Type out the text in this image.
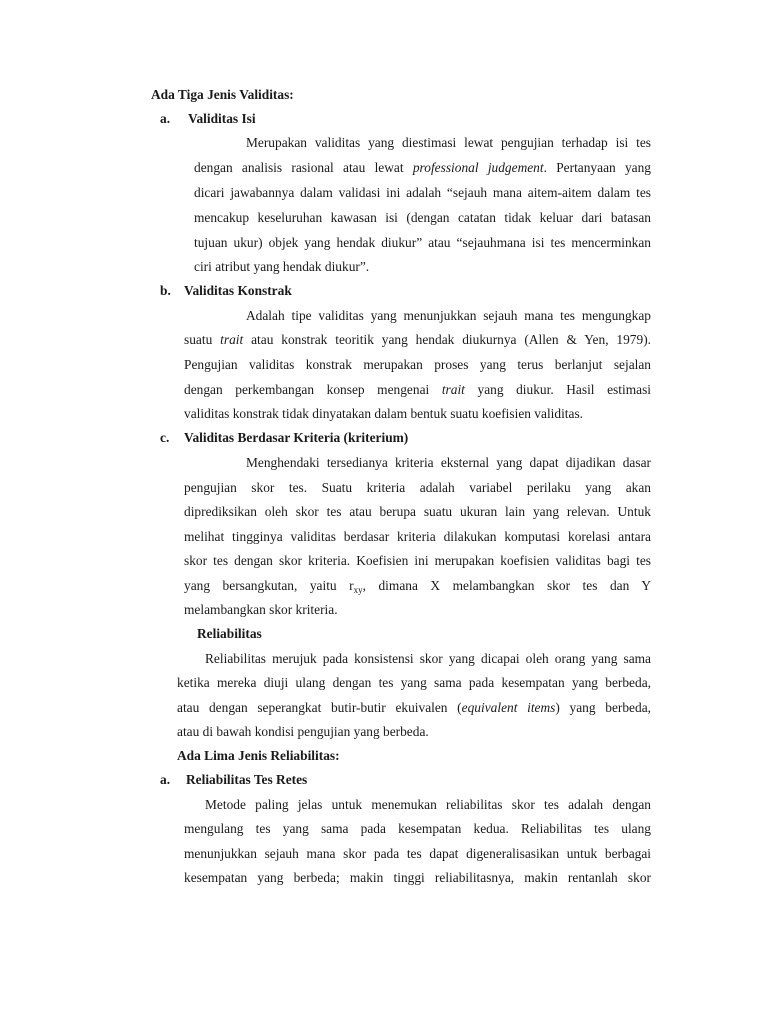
Ada Tiga Jenis Validitas:
a. Validitas Isi
Merupakan validitas yang diestimasi lewat pengujian terhadap isi tes
dengan analisis rasional atau lewat professional judgement. Pertanyaan yang
dicari jawabannya dalam validasi ini adalah “sejauh mana aitem-aitem dalam tes
mencakup keseluruhan kawasan isi (dengan catatan tidak keluar dari batasan
tujuan ukur) objek yang hendak diukur” atau “sejauhmana isi tes mencerminkan
ciri atribut yang hendak diukur”.
b. Validitas Konstrak
Adalah tipe validitas yang menunjukkan sejauh mana tes mengungkap
suatu trait atau konstrak teoritik yang hendak diukurnya (Allen & Yen, 1979).
Pengujian validitas konstrak merupakan proses yang terus berlanjut sejalan
dengan perkembangan konsep mengenai trait yang diukur. Hasil estimasi
validitas konstrak tidak dinyatakan dalam bentuk suatu koefisien validitas.
c. Validitas Berdasar Kriteria (kriterium)
Menghendaki tersedianya kriteria eksternal yang dapat dijadikan dasar
pengujian skor tes. Suatu kriteria adalah variabel perilaku yang akan
diprediksikan oleh skor tes atau berupa suatu ukuran lain yang relevan. Untuk
melihat tingginya validitas berdasar kriteria dilakukan komputasi korelasi antara
skor tes dengan skor kriteria. Koefisien ini merupakan koefisien validitas bagi tes
yang bersangkutan, yaitu $r_{xy}$, dimana X melambangkan skor tes dan Y
melambangkan skor kriteria.
Reliabilitas
Reliabilitas merujuk pada konsistensi skor yang dicapai oleh orang yang sama
ketika mereka diuji ulang dengan tes yang sama pada kesempatan yang berbeda,
atau dengan seperangkat butir-butir ekuivalen (equivalent items) yang berbeda,
atau di bawah kondisi pengujian yang berbeda.
Ada Lima Jenis Reliabilitas:
a. Reliabilitas Tes Retes
Metode paling jelas untuk menemukan reliabilitas skor tes adalah dengan
mengulang tes yang sama pada kesempatan kedua. Reliabilitas tes ulang
menunjukkan sejauh mana skor pada tes dapat digeneralisasikan untuk berbagai
kesempatan yang berbeda; makin tinggi reliabilitasnya, makin rentanlah skor
